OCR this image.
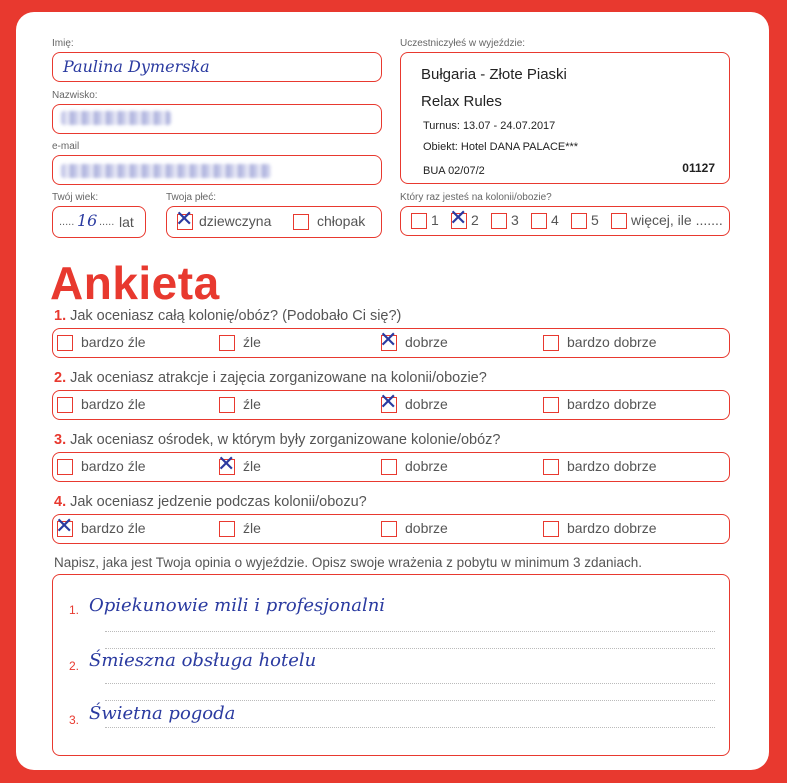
Imię:
Paulina Dymerska
Nazwisko:
e-mail
Twój wiek:
..... 16 ..... lat
Twoja płeć:
✕ dziewczyna	chłopak
Uczestniczyłeś w wyjeździe:
Bułgaria - Złote Piaski
Relax Rules
Turnus: 13.07 - 24.07.2017
Obiekt: Hotel DANA PALACE***
BUA 02/07/2	01127
Który raz jesteś na kolonii/obozie?
1 ✕ 2 3 4 5 więcej, ile .......
Ankieta
1. Jak oceniasz całą kolonię/obóz? (Podobało Ci się?)
bardzo źle	źle	✕ dobrze	bardzo dobrze
2. Jak oceniasz atrakcje i zajęcia zorganizowane na kolonii/obozie?
bardzo źle	źle	✕ dobrze	bardzo dobrze
3. Jak oceniasz ośrodek, w którym były zorganizowane kolonie/obóz?
bardzo źle	✕ źle	dobrze	bardzo dobrze
4. Jak oceniasz jedzenie podczas kolonii/obozu?
✕ bardzo źle	źle	dobrze	bardzo dobrze
Napisz, jaka jest Twoja opinia o wyjeździe. Opisz swoje wrażenia z pobytu w minimum 3 zdaniach.
1. Opiekunowie mili i profesjonalni
2. Śmieszna obsługa hotelu
3. Świetna pogoda
